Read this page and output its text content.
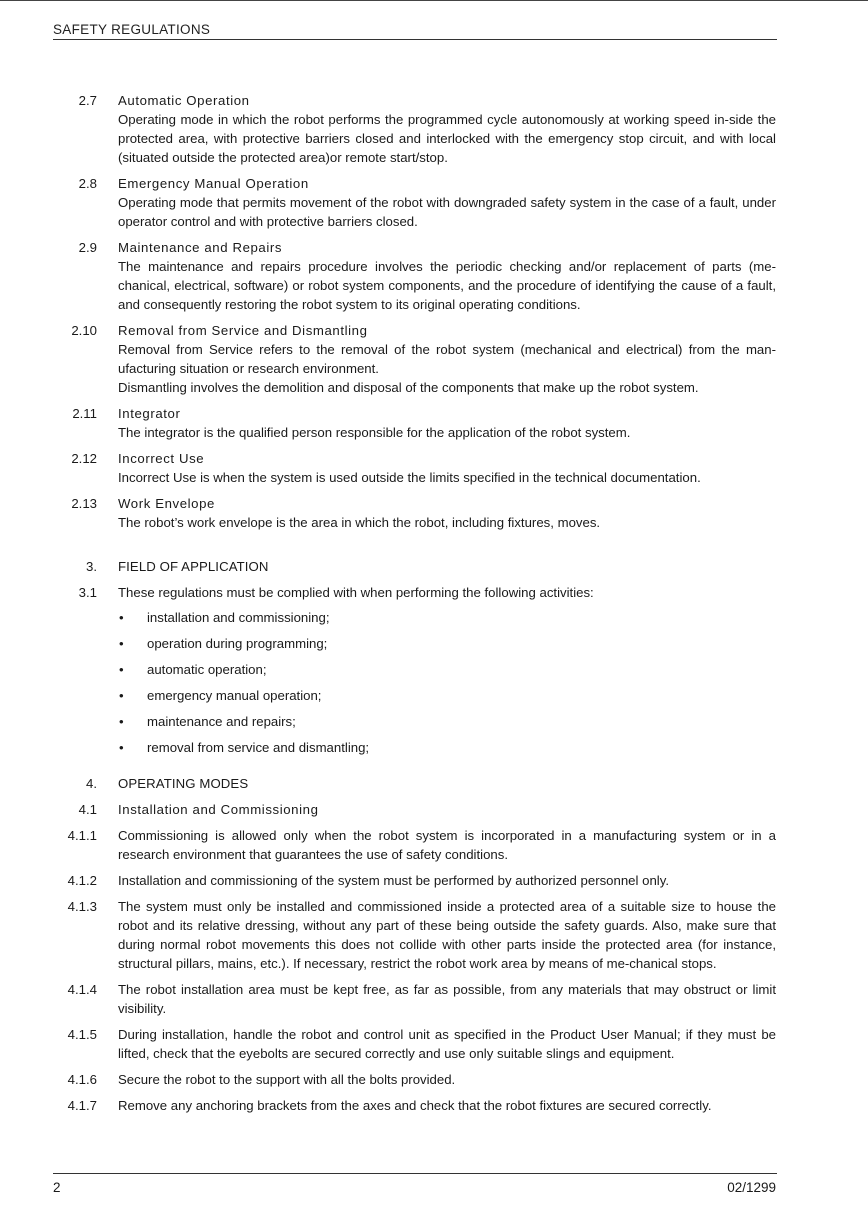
SAFETY REGULATIONS
2.7 Automatic Operation

Operating mode in which the robot performs the programmed cycle autonomously at working speed in-side the protected area, with protective barriers closed and interlocked with the emergency stop circuit, and with local (situated outside the protected area)or remote start/stop.

2.8 Emergency Manual Operation

Operating mode that permits movement of the robot with downgraded safety system in the case of a fault, under operator control and with protective barriers closed.

2.9 Maintenance and Repairs

The maintenance and repairs procedure involves the periodic checking and/or replacement of parts (me-chanical, electrical, software) or robot system components, and the procedure of identifying the cause of a fault, and consequently restoring the robot system to its original operating conditions.

2.10 Removal from Service and Dismantling

Removal from Service refers to the removal of the robot system (mechanical and electrical) from the man-ufacturing situation or research environment.

Dismantling involves the demolition and disposal of the components that make up the robot system.

2.11 Integrator

The integrator is the qualified person responsible for the application of the robot system.

2.12 Incorrect Use

Incorrect Use is when the system is used outside the limits specified in the technical documentation.

2.13 Work Envelope

The robot’s work envelope is the area in which the robot, including fixtures, moves.

3. FIELD OF APPLICATION
3.1 These regulations must be complied with when performing the following activities:

• installation and commissioning;
• operation during programming;
• automatic operation;
• emergency manual operation;
• maintenance and repairs;
• removal from service and dismantling;
4. OPERATING MODES
4.1 Installation and Commissioning
4.1.1 Commissioning is allowed only when the robot system is incorporated in a manufacturing system or in a research environment that guarantees the use of safety conditions.

4.1.2 Installation and commissioning of the system must be performed by authorized personnel only.

4.1.3 The system must only be installed and commissioned inside a protected area of a suitable size to house the robot and its relative dressing, without any part of these being outside the safety guards. Also, make sure that during normal robot movements this does not collide with other parts inside the protected area (for instance, structural pillars, mains, etc.). If necessary, restrict the robot work area by means of me-chanical stops.

4.1.4 The robot installation area must be kept free, as far as possible, from any materials that may obstruct or limit visibility.

4.1.5 During installation, handle the robot and control unit as specified in the Product User Manual; if they must be lifted, check that the eyebolts are secured correctly and use only suitable slings and equipment.

4.1.6 Secure the robot to the support with all the bolts provided.

4.1.7 Remove any anchoring brackets from the axes and check that the robot fixtures are secured correctly.

2	02/1299
